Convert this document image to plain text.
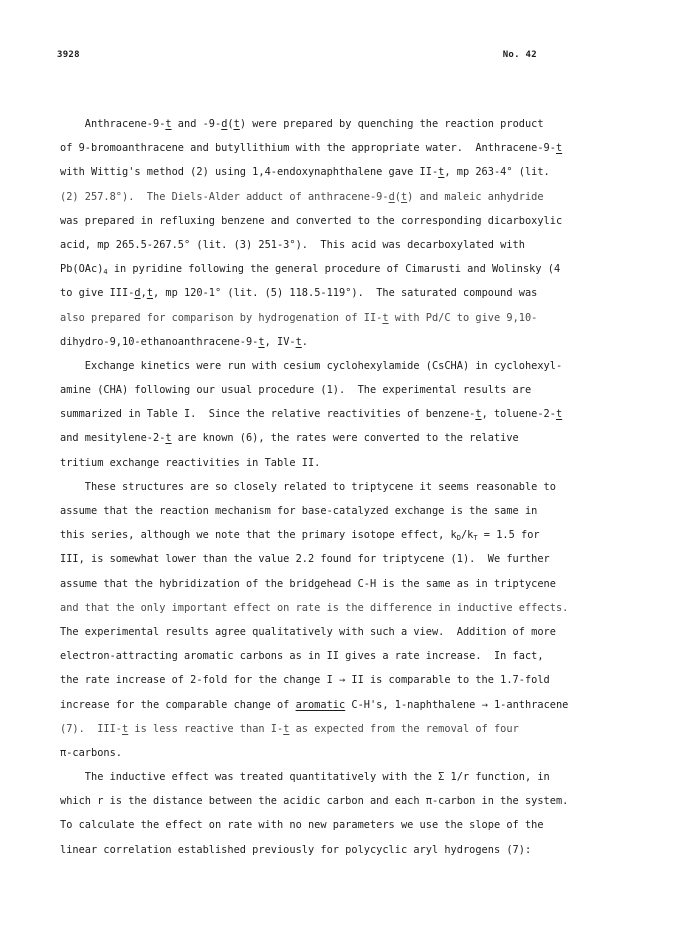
3928	No. 42
Anthracene-9-t and -9-d(t) were prepared by quenching the reaction product
of 9-bromoanthracene and butyllithium with the appropriate water.  Anthracene-9-t
with Wittig's method (2) using 1,4-endoxynaphthalene gave II-t, mp 263-4° (lit.
(2) 257.8°).  The Diels-Alder adduct of anthracene-9-d(t) and maleic anhydride
was prepared in refluxing benzene and converted to the corresponding dicarboxylic
acid, mp 265.5-267.5° (lit. (3) 251-3°).  This acid was decarboxylated with
$Pb(OAc)_4$ in pyridine following the general procedure of Cimarusti and Wolinsky (4
to give III-d,t, mp 120-1° (lit. (5) 118.5-119°).  The saturated compound was
also prepared for comparison by hydrogenation of II-t with Pd/C to give 9,10-
dihydro-9,10-ethanoanthracene-9-t, IV-t.
Exchange kinetics were run with cesium cyclohexylamide (CsCHA) in cyclohexyl-
amine (CHA) following our usual procedure (1).  The experimental results are
summarized in Table I.  Since the relative reactivities of benzene-t, toluene-2-t
and mesitylene-2-t are known (6), the rates were converted to the relative
tritium exchange reactivities in Table II.
These structures are so closely related to triptycene it seems reasonable to
assume that the reaction mechanism for base-catalyzed exchange is the same in
this series, although we note that the primary isotope effect, $k_D/k_T = 1.5$ for
III, is somewhat lower than the value 2.2 found for triptycene (1).  We further
assume that the hybridization of the bridgehead C-H is the same as in triptycene
and that the only important effect on rate is the difference in inductive effects.
The experimental results agree qualitatively with such a view.  Addition of more
electron-attracting aromatic carbons as in II gives a rate increase.  In fact,
the rate increase of 2-fold for the change I → II is comparable to the 1.7-fold
increase for the comparable change of aromatic C-H's, 1-naphthalene → 1-anthracene
(7).  III-t is less reactive than I-t as expected from the removal of four
π-carbons.
The inductive effect was treated quantitatively with the Σ 1/r function, in
which r is the distance between the acidic carbon and each π-carbon in the system.
To calculate the effect on rate with no new parameters we use the slope of the
linear correlation established previously for polycyclic aryl hydrogens (7):
